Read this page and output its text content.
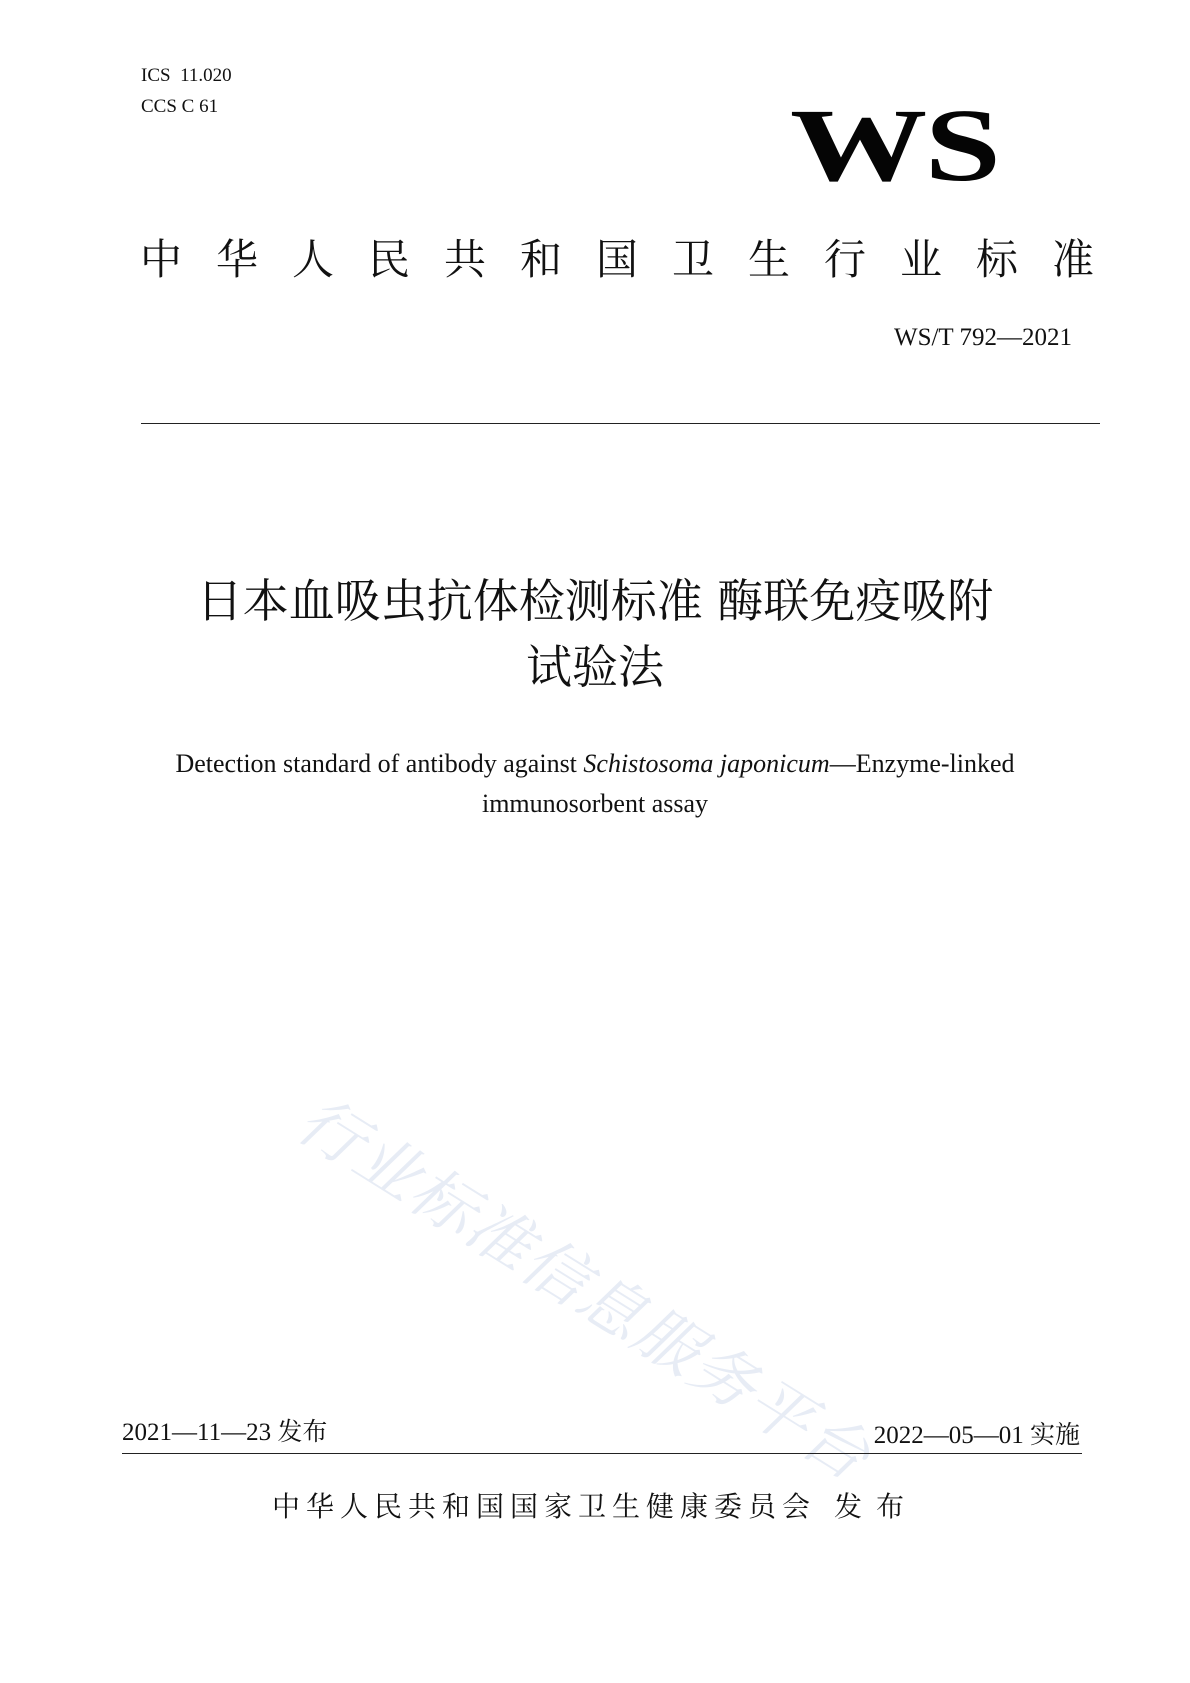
ICS  11.020
CCS C 61	WS
中华人民共和国卫生行业标准
WS/T 792—2021
日本血吸虫抗体检测标准 酶联免疫吸附
试验法
Detection standard of antibody against Schistosoma japonicum—Enzyme-linked
immunosorbent assay
行业标准信息服务平台
2021—11—23 发布	2022—05—01 实施
中华人民共和国国家卫生健康委员会 发布
